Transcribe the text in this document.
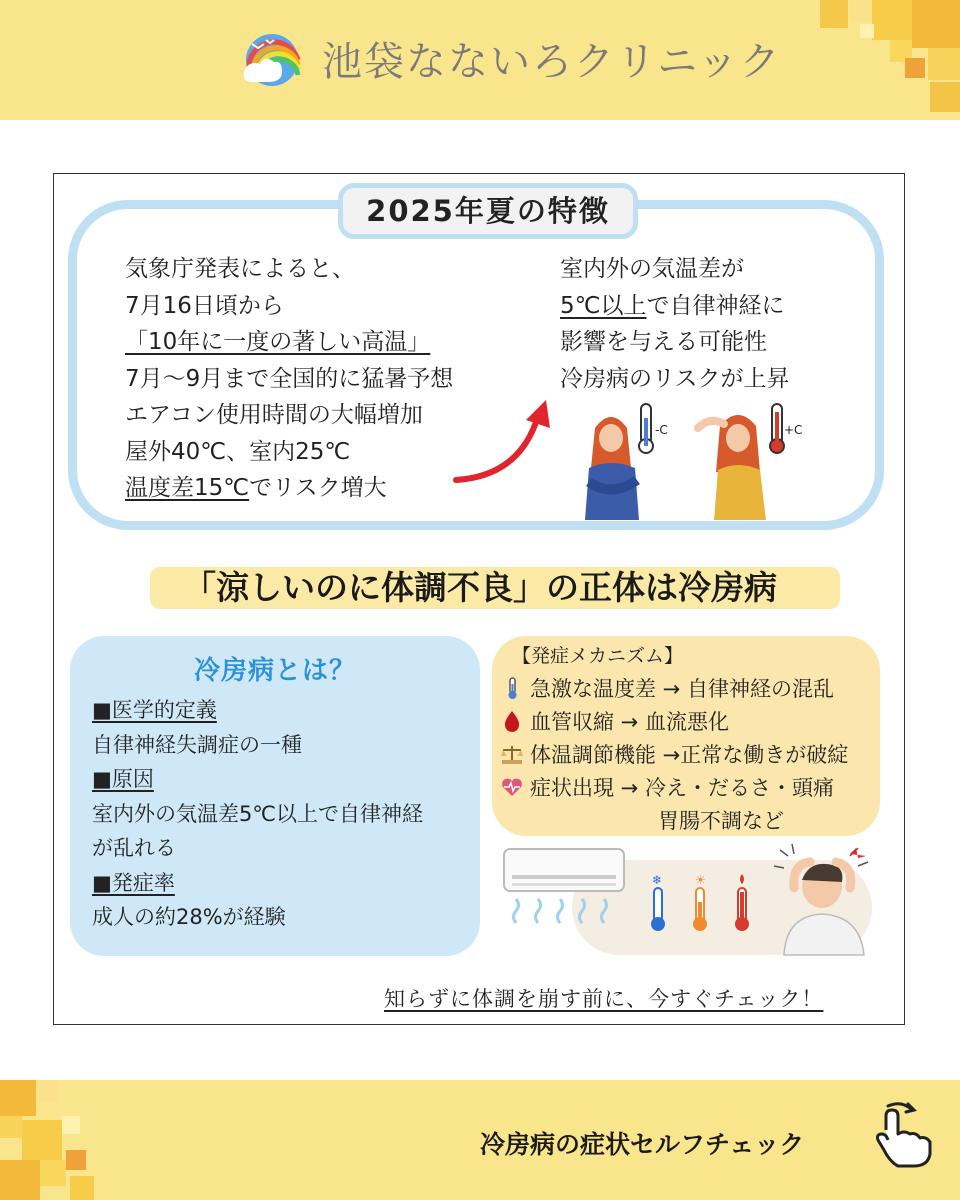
池袋なないろクリニック
2025年夏の特徴
気象庁発表によると、
7月16日頃から
「10年に一度の著しい高温」
7月〜9月まで全国的に猛暑予想
エアコン使用時間の大幅増加
屋外40℃、室内25℃
温度差15℃でリスク増大
室内外の気温差が
5℃以上で自律神経に
影響を与える可能性
冷房病のリスクが上昇
-C	+C
「涼しいのに体調不良」の正体は冷房病
冷房病とは？
■医学的定義
自律神経失調症の一種
■原因
室内外の気温差5℃以上で自律神経
が乱れる
■発症率
成人の約28%が経験
【発症メカニズム】
急激な温度差 → 自律神経の混乱
血管収縮 → 血流悪化
体温調節機能 →正常な働きが破綻
症状出現 → 冷え・だるさ・頭痛
胃腸不調など
❄	☀
知らずに体調を崩す前に、今すぐチェック！
冷房病の症状セルフチェック
